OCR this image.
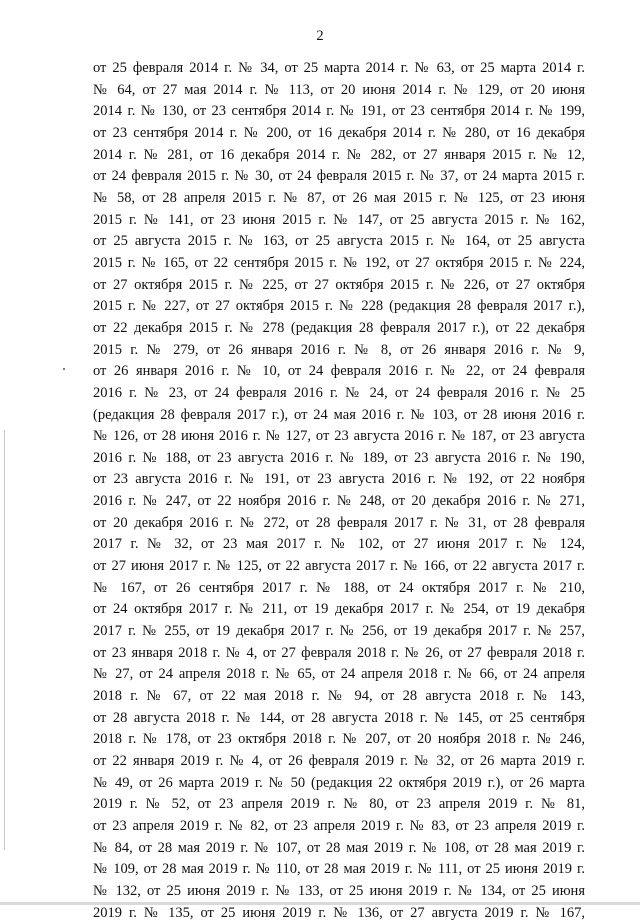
2
от 25 февраля 2014 г. № 34, от 25 марта 2014 г. № 63, от 25 марта 2014 г.
№ 64, от 27 мая 2014 г. № 113, от 20 июня 2014 г. № 129, от 20 июня
2014 г. № 130, от 23 сентября 2014 г. № 191, от 23 сентября 2014 г. № 199,
от 23 сентября 2014 г. № 200, от 16 декабря 2014 г. № 280, от 16 декабря
2014 г. № 281, от 16 декабря 2014 г. № 282, от 27 января 2015 г. № 12,
от 24 февраля 2015 г. № 30, от 24 февраля 2015 г. № 37, от 24 марта 2015 г.
№ 58, от 28 апреля 2015 г. № 87, от 26 мая 2015 г. № 125, от 23 июня
2015 г. № 141, от 23 июня 2015 г. № 147, от 25 августа 2015 г. № 162,
от 25 августа 2015 г. № 163, от 25 августа 2015 г. № 164, от 25 августа
2015 г. № 165, от 22 сентября 2015 г. № 192, от 27 октября 2015 г. № 224,
от 27 октября 2015 г. № 225, от 27 октября 2015 г. № 226, от 27 октября
2015 г. № 227, от 27 октября 2015 г. № 228 (редакция 28 февраля 2017 г.),
от 22 декабря 2015 г. № 278 (редакция 28 февраля 2017 г.), от 22 декабря
2015 г. № 279, от 26 января 2016 г. № 8, от 26 января 2016 г. № 9,
от 26 января 2016 г. № 10, от 24 февраля 2016 г. № 22, от 24 февраля
2016 г. № 23, от 24 февраля 2016 г. № 24, от 24 февраля 2016 г. № 25
(редакция 28 февраля 2017 г.), от 24 мая 2016 г. № 103, от 28 июня 2016 г.
№ 126, от 28 июня 2016 г. № 127, от 23 августа 2016 г. № 187, от 23 августа
2016 г. № 188, от 23 августа 2016 г. № 189, от 23 августа 2016 г. № 190,
от 23 августа 2016 г. № 191, от 23 августа 2016 г. № 192, от 22 ноября
2016 г. № 247, от 22 ноября 2016 г. № 248, от 20 декабря 2016 г. № 271,
от 20 декабря 2016 г. № 272, от 28 февраля 2017 г. № 31, от 28 февраля
2017 г. № 32, от 23 мая 2017 г. № 102, от 27 июня 2017 г. № 124,
от 27 июня 2017 г. № 125, от 22 августа 2017 г. № 166, от 22 августа 2017 г.
№ 167, от 26 сентября 2017 г. № 188, от 24 октября 2017 г. № 210,
от 24 октября 2017 г. № 211, от 19 декабря 2017 г. № 254, от 19 декабря
2017 г. № 255, от 19 декабря 2017 г. № 256, от 19 декабря 2017 г. № 257,
от 23 января 2018 г. № 4, от 27 февраля 2018 г. № 26, от 27 февраля 2018 г.
№ 27, от 24 апреля 2018 г. № 65, от 24 апреля 2018 г. № 66, от 24 апреля
2018 г. № 67, от 22 мая 2018 г. № 94, от 28 августа 2018 г. № 143,
от 28 августа 2018 г. № 144, от 28 августа 2018 г. № 145, от 25 сентября
2018 г. № 178, от 23 октября 2018 г. № 207, от 20 ноября 2018 г. № 246,
от 22 января 2019 г. № 4, от 26 февраля 2019 г. № 32, от 26 марта 2019 г.
№ 49, от 26 марта 2019 г. № 50 (редакция 22 октября 2019 г.), от 26 марта
2019 г. № 52, от 23 апреля 2019 г. № 80, от 23 апреля 2019 г. № 81,
от 23 апреля 2019 г. № 82, от 23 апреля 2019 г. № 83, от 23 апреля 2019 г.
№ 84, от 28 мая 2019 г. № 107, от 28 мая 2019 г. № 108, от 28 мая 2019 г.
№ 109, от 28 мая 2019 г. № 110, от 28 мая 2019 г. № 111, от 25 июня 2019 г.
№ 132, от 25 июня 2019 г. № 133, от 25 июня 2019 г. № 134, от 25 июня
2019 г. № 135, от 25 июня 2019 г. № 136, от 27 августа 2019 г. № 167,
